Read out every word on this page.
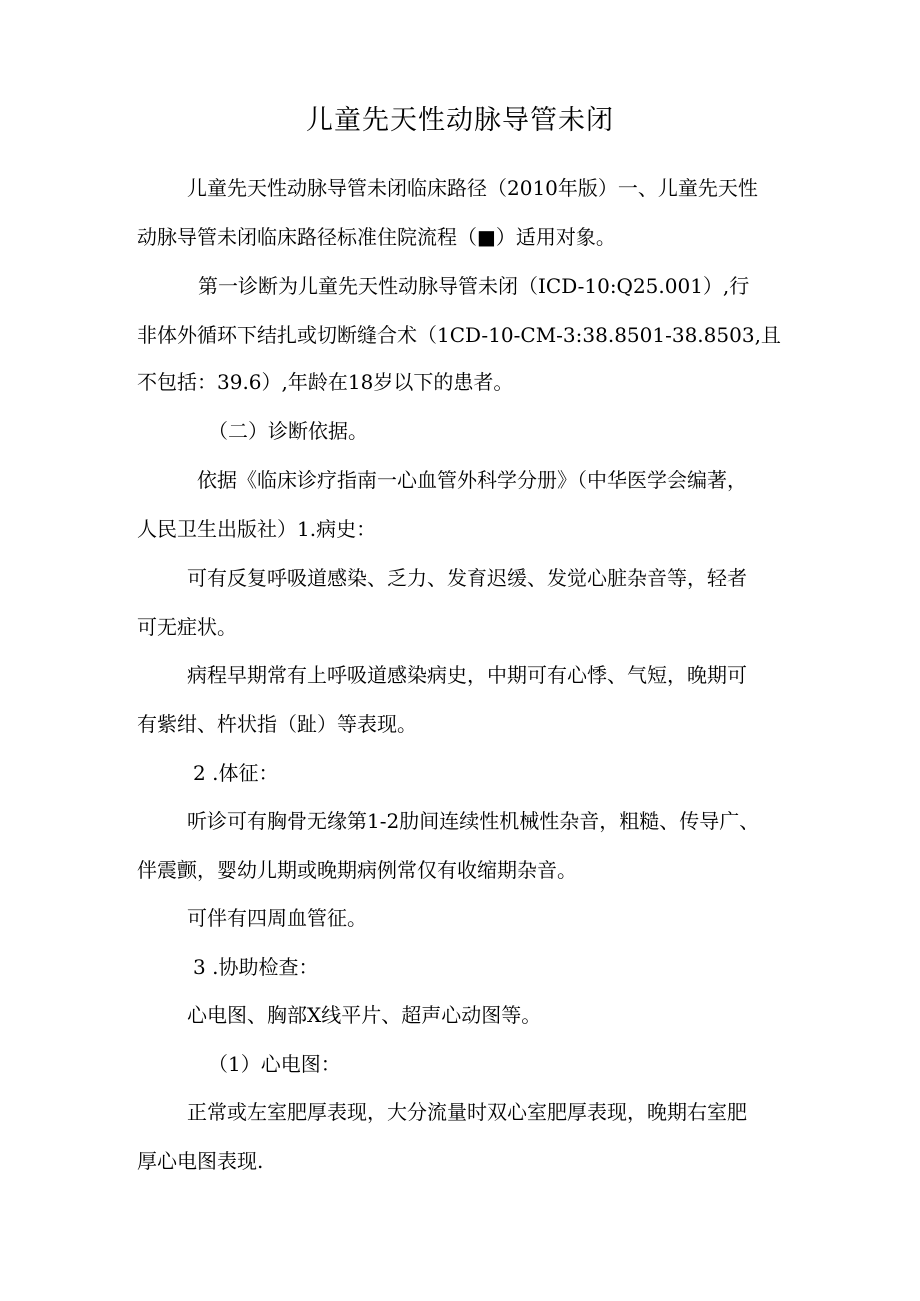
儿童先天性动脉导管未闭
儿童先天性动脉导管未闭临床路径（2010年版）一、儿童先天性
动脉导管未闭临床路径标准住院流程（■）适用对象。
第一诊断为儿童先天性动脉导管未闭（ICD-10:Q25.001）,行
非体外循环下结扎或切断缝合术（1CD-10-CM-3:38.8501-38.8503,且
不包括：39.6）,年龄在18岁以下的患者。
（二）诊断依据。
依据《临床诊疗指南一心血管外科学分册》（中华医学会编著，
人民卫生出版社）1.病史：
可有反复呼吸道感染、乏力、发育迟缓、发觉心脏杂音等，轻者
可无症状。
病程早期常有上呼吸道感染病史，中期可有心悸、气短，晚期可
有紫绀、杵状指（趾）等表现。
2 .体征：
听诊可有胸骨无缘第1-2肋间连续性机械性杂音，粗糙、传导广、
伴震颤，婴幼儿期或晚期病例常仅有收缩期杂音。
可伴有四周血管征。
3 .协助检查：
心电图、胸部X线平片、超声心动图等。
（1）心电图：
正常或左室肥厚表现，大分流量时双心室肥厚表现，晚期右室肥
厚心电图表现.
